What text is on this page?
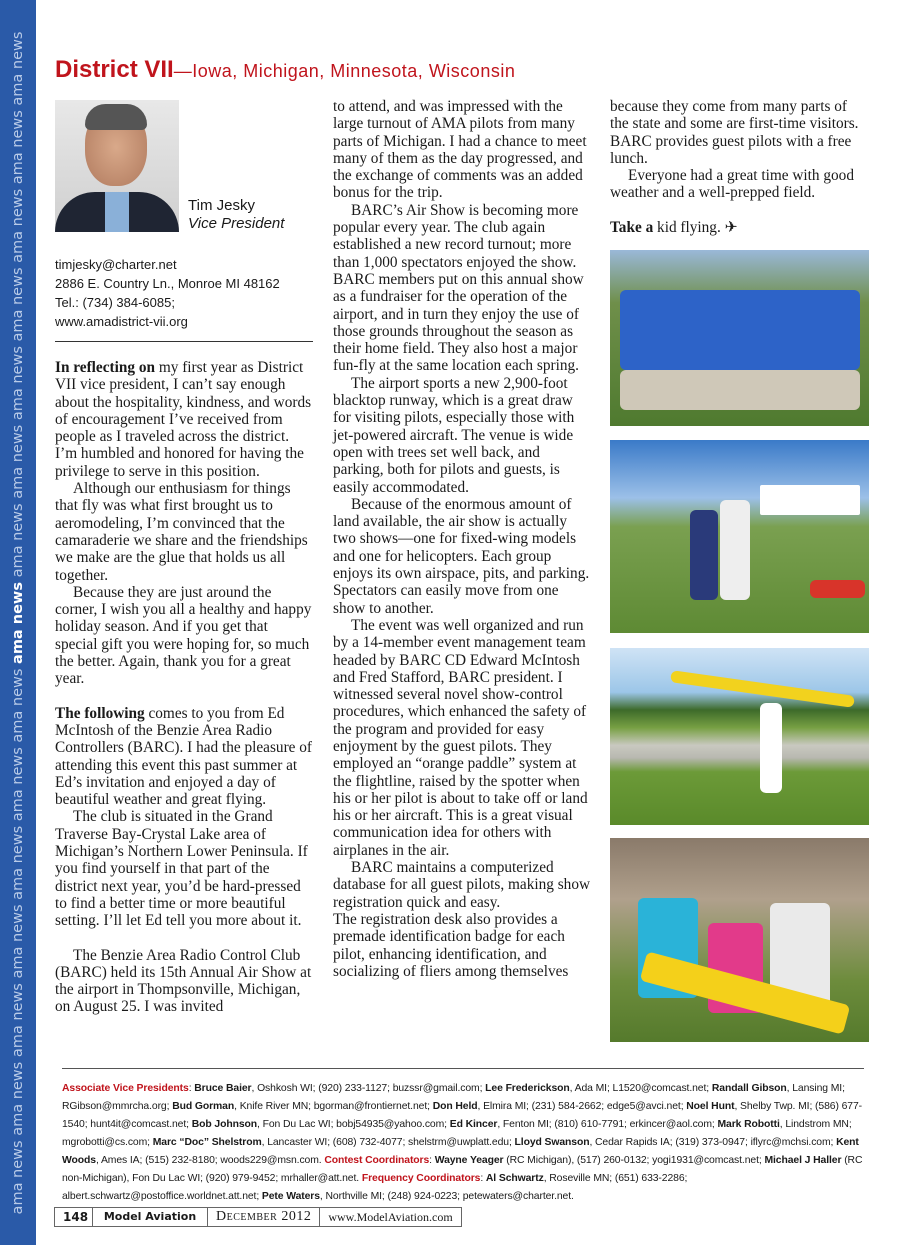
ama news ama news ama news ama news ama news ama news ama news ama news ama news ama news ama news ama news ama news ama news ama news District VII—Iowa, Michigan, Minnesota, Wisconsin
Tim Jesky
Vice President
timjesky@charter.net
2886 E. Country Ln., Monroe MI 48162
Tel.: (734) 384-6085;
www.amadistrict-vii.org

In reflecting on my first year as District VII vice president, I can’t say enough about the hospitality, kindness, and words of encouragement I’ve received from people as I traveled across the district. I’m humbled and honored for having the privilege to serve in this position.

Although our enthusiasm for things that fly was what first brought us to aeromodeling, I’m convinced that the camaraderie we share and the friendships we make are the glue that holds us all together.

Because they are just around the corner, I wish you all a healthy and happy holiday season. And if you get that special gift you were hoping for, so much the better. Again, thank you for a great year.

The following comes to you from Ed McIntosh of the Benzie Area Radio Controllers (BARC). I had the pleasure of attending this event this past summer at Ed’s invitation and enjoyed a day of beautiful weather and great flying.

The club is situated in the Grand Traverse Bay-Crystal Lake area of Michigan’s Northern Lower Peninsula. If you find yourself in that part of the district next year, you’d be hard-pressed to find a better time or more beautiful setting. I’ll let Ed tell you more about it.

The Benzie Area Radio Control Club (BARC) held its 15th Annual Air Show at the airport in Thompsonville, Michigan, on August 25. I was invited

to attend, and was impressed with the large turnout of AMA pilots from many parts of Michigan. I had a chance to meet many of them as the day progressed, and the exchange of comments was an added bonus for the trip.

BARC’s Air Show is becoming more popular every year. The club again established a new record turnout; more than 1,000 spectators enjoyed the show. BARC members put on this annual show as a fundraiser for the operation of the airport, and in turn they enjoy the use of those grounds throughout the season as their home field. They also host a major fun-fly at the same location each spring.

The airport sports a new 2,900-foot blacktop runway, which is a great draw for visiting pilots, especially those with jet-powered aircraft. The venue is wide open with trees set well back, and parking, both for pilots and guests, is easily accommodated.

Because of the enormous amount of land available, the air show is actually two shows—one for fixed-wing models and one for helicopters. Each group enjoys its own airspace, pits, and parking. Spectators can easily move from one show to another.

The event was well organized and run by a 14-member event management team headed by BARC CD Edward McIntosh and Fred Stafford, BARC president. I witnessed several novel show-control procedures, which enhanced the safety of the program and provided for easy enjoyment by the guest pilots. They employed an “orange paddle” system at the flightline, raised by the spotter when his or her pilot is about to take off or land his or her aircraft. This is a great visual communication idea for others with airplanes in the air.

BARC maintains a computerized database for all guest pilots, making show registration quick and easy.

The registration desk also provides a premade identification badge for each pilot, enhancing identification, and socializing of fliers among themselves

because they come from many parts of the state and some are first-time visitors. BARC provides guest pilots with a free lunch.

Everyone had a great time with good weather and a well-prepped field.

Take a kid flying. ✈

Associate Vice Presidents: Bruce Baier, Oshkosh WI; (920) 233-1127; buzssr@gmail.com; Lee Frederickson, Ada MI; L1520@comcast.net; Randall Gibson, Lansing MI; RGibson@mmrcha.org; Bud Gorman, Knife River MN; bgorman@frontiernet.net; Don Held, Elmira MI; (231) 584-2662; edge5@avci.net; Noel Hunt, Shelby Twp. MI; (586) 677-1540; hunt4it@comcast.net; Bob Johnson, Fon Du Lac WI; bobj54935@yahoo.com; Ed Kincer, Fenton MI; (810) 610-7791; erkincer@aol.com; Mark Robotti, Lindstrom MN; mgrobotti@cs.com; Marc “Doc” Shelstrom, Lancaster WI; (608) 732-4077; shelstrm@uwplatt.edu; Lloyd Swanson, Cedar Rapids IA; (319) 373-0947; iflyrc@mchsi.com; Kent Woods, Ames IA; (515) 232-8180; woods229@msn.com. Contest Coordinators: Wayne Yeager (RC Michigan), (517) 260-0132; yogi1931@comcast.net; Michael J Haller (RC non-Michigan), Fon Du Lac WI; (920) 979-9452; mrhaller@att.net. Frequency Coordinators: Al Schwartz, Roseville MN; (651) 633-2286; albert.schwartz@postoffice.worldnet.att.net; Pete Waters, Northville MI; (248) 924-0223; petewaters@charter.net.
148	Model Aviation	December 2012	www.ModelAviation.com
